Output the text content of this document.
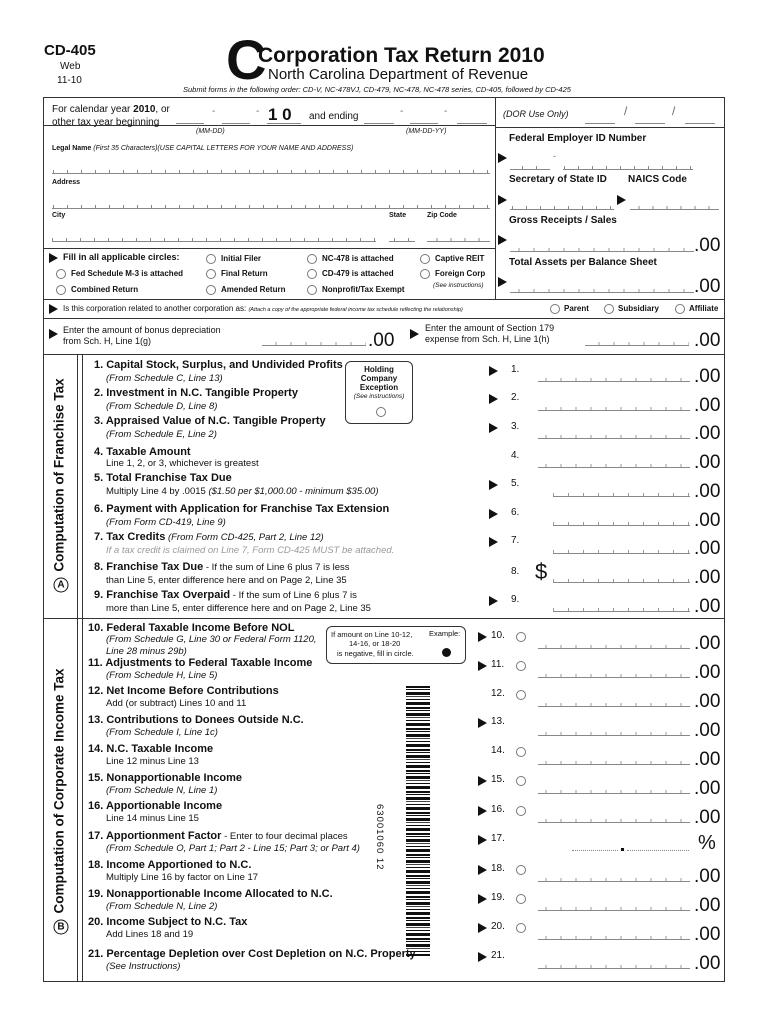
CD-405
Web
11-10	C
Corporation Tax Return 2010
North Carolina Department of Revenue
Submit forms in the following order: CD-V, NC-478VJ, CD-479, NC-478, NC-478 series, CD-405, followed by CD-425
For calendar year 2010, or
other tax year beginning
-	- 1 0
(MM-DD)
and ending	-	-
(MM-DD-YY)
(DOR Use Only)	/	/
Legal Name (First 35 Characters)(USE CAPITAL LETTERS FOR YOUR NAME AND ADDRESS)
Address
City	State	Zip Code
Federal Employer ID Number
-
Secretary of State ID NAICS Code
Gross Receipts / Sales
.00
Total Assets per Balance Sheet
.00
Fill in all applicable circles:	Initial Filer	NC-478 is attached	Captive REIT
Fed Schedule M-3 is attached	Final Return	CD-479 is attached	Foreign Corp
Combined Return	Amended Return	Nonprofit/Tax Exempt	(See instructions)
Is this corporation related to another corporation as: (Attach a copy of the appropriate federal income tax schedule reflecting the relationship)	Parent	Subsidiary	Affiliate
Enter the amount of bonus depreciation
from Sch. H, Line 1(g)	.00
Enter the amount of Section 179
expense from Sch. H, Line 1(h)	.00
AComputation of Franchise Tax
Holding
Company
Exception
(See instructions)
1. Capital Stock, Surplus, and Undivided Profits
(From Schedule C, Line 13)
2. Investment in N.C. Tangible Property
(From Schedule D, Line 8)
3. Appraised Value of N.C. Tangible Property
(From Schedule E, Line 2)
4. Taxable Amount
Line 1, 2, or 3, whichever is greatest
5. Total Franchise Tax Due
Multiply Line 4 by .0015 ($1.50 per $1,000.00 - minimum $35.00)
6. Payment with Application for Franchise Tax Extension
(From Form CD-419, Line 9)
7. Tax Credits (From Form CD-425, Part 2, Line 12)
If a tax credit is claimed on Line 7, Form CD-425 MUST be attached.
8. Franchise Tax Due - If the sum of Line 6 plus 7 is less
than Line 5, enter difference here and on Page 2, Line 35
9. Franchise Tax Overpaid - If the sum of Line 6 plus 7 is
more than Line 5, enter difference here and on Page 2, Line 35
1.	.00
2.	.00
3.	.00
4.	.00
5.	.00
6.	.00
7.	.00
8. $	.00
9.	.00
BComputation of Corporate Income Tax
If amount on Line 10-12,
14-16, or 18-20
is negative, fill in circle.
Example:
63001060 12
10. Federal Taxable Income Before NOL
(From Schedule G, Line 30 or Federal Form 1120,
Line 28 minus 29b)
11. Adjustments to Federal Taxable Income
(From Schedule H, Line 5)
12. Net Income Before Contributions
Add (or subtract) Lines 10 and 11
13. Contributions to Donees Outside N.C.
(From Schedule I, Line 1c)
14. N.C. Taxable Income
Line 12 minus Line 13
15. Nonapportionable Income
(From Schedule N, Line 1)
16. Apportionable Income
Line 14 minus Line 15
17. Apportionment Factor - Enter to four decimal places
(From Schedule O, Part 1; Part 2 - Line 15; Part 3; or Part 4)
18. Income Apportioned to N.C.
Multiply Line 16 by factor on Line 17
19. Nonapportionable Income Allocated to N.C.
(From Schedule N, Line 2)
20. Income Subject to N.C. Tax
Add Lines 18 and 19
21. Percentage Depletion over Cost Depletion on N.C. Property
(See Instructions)
10.	.00
11.	.00
12.	.00
13.	.00
14.	.00
15.	.00
16.	.00
17.	%
18.	.00
19.	.00
20.	.00
21.	.00
